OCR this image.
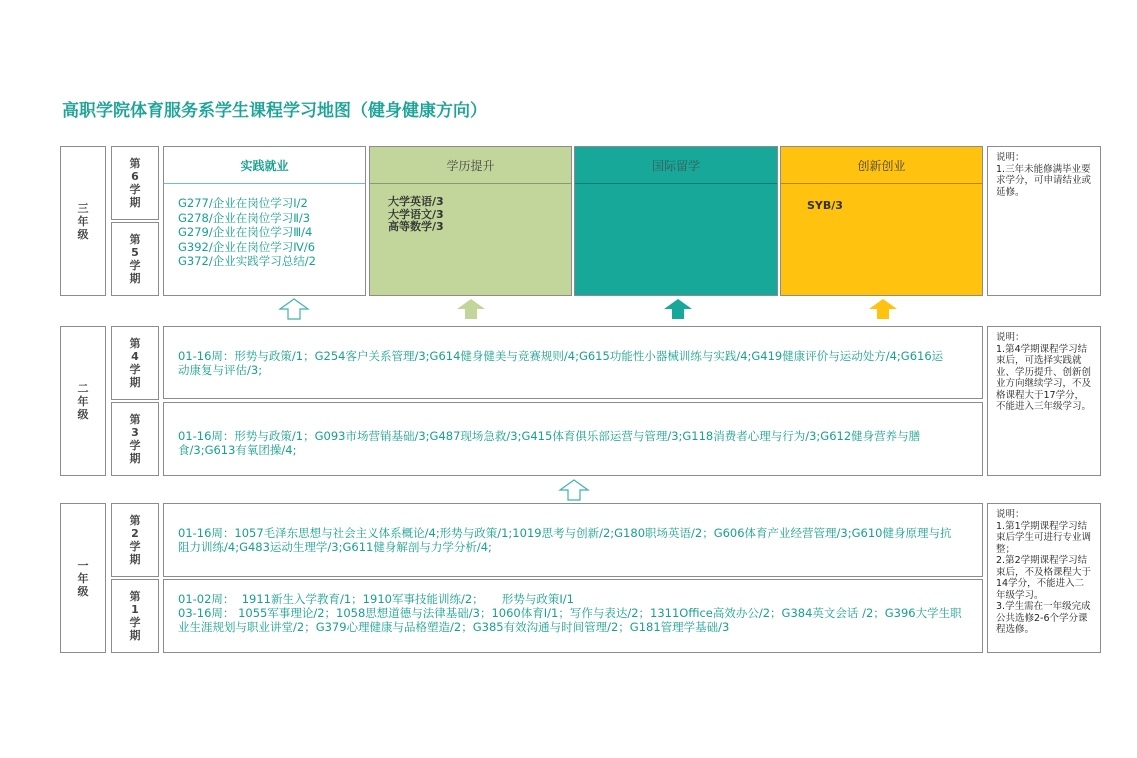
高职学院体育服务系学生课程学习地图（健身健康方向）
三年级
第6学期
第5学期
实践就业
G277/企业在岗位学习Ⅰ/2
G278/企业在岗位学习Ⅱ/3
G279/企业在岗位学习Ⅲ/4
G392/企业在岗位学习Ⅳ/6
G372/企业实践学习总结/2
学历提升
大学英语/3
大学语文/3
高等数学/3
国际留学	创新创业
SYB/3
说明：
1.三年未能修满毕业要求学分，可申请结业或延修。
二年级
第4学期
第3学期
01-16周：形势与政策/1；G254客户关系管理/3;G614健身健美与竞赛规则/4;G615功能性小器械训练与实践/4;G419健康评价与运动处方/4;G616运动康复与评估/3;
01-16周：形势与政策/1；G093市场营销基础/3;G487现场急救/3;G415体育俱乐部运营与管理/3;G118消费者心理与行为/3;G612健身营养与膳食/3;G613有氧团操/4;
说明：
1.第4学期课程学习结束后，可选择实践就业、学历提升、创新创业方向继续学习，不及格课程大于17学分，不能进入三年级学习。
一年级
第2学期
第1学期
01-16周：1057毛泽东思想与社会主义体系概论/4;形势与政策/1;1019思考与创新/2;G180职场英语/2；G606体育产业经营管理/3;G610健身原理与抗阻力训练/4;G483运动生理学/3;G611健身解剖与力学分析/4;
01-02周：  1911新生入学教育/1；1910军事技能训练/2；     形势与政策Ⅰ/1
03-16周： 1055军事理论/2；1058思想道德与法律基础/3；1060体育Ⅰ/1；写作与表达/2；1311Office高效办公/2；G384英文会话 /2；G396大学生职业生涯规划与职业讲堂/2；G379心理健康与品格塑造/2；G385有效沟通与时间管理/2；G181管理学基础/3
说明：
1.第1学期课程学习结束后学生可进行专业调整；
2.第2学期课程学习结束后，不及格课程大于14学分，不能进入二年级学习。
3.学生需在一年级完成公共选修2-6个学分课程选修。
